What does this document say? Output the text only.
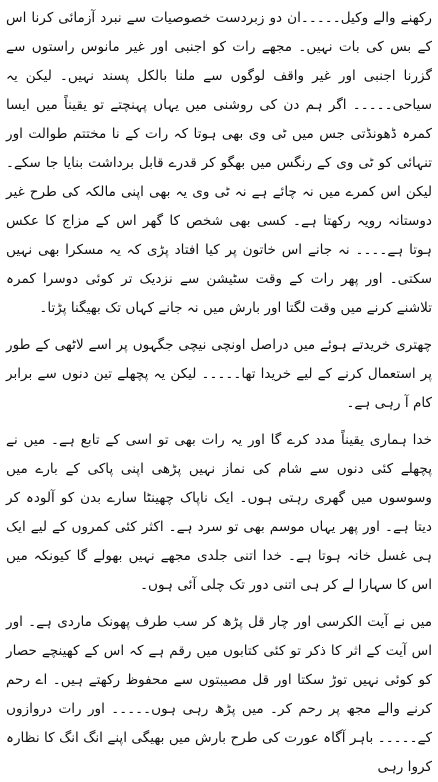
رکھنے والے وکیل۔۔۔۔۔ان دو زبردست خصوصیات سے نبرد آزمائی کرنا اس کے بس کی بات نہیں۔ مجھے رات کو اجنبی اور غیر مانوس راستوں سے گزرنا اجنبی اور غیر واقف لوگوں سے ملنا بالکل پسند نہیں۔ لیکن یہ سیاحی۔۔۔۔۔ اگر ہم دن کی روشنی میں یہاں پہنچتے تو یقیناً میں ایسا کمرہ ڈھونڈتی جس میں ٹی وی بھی ہوتا کہ رات کے نا مختتم طوالت اور تنہائی کو ٹی وی کے رنگس میں بھگو کر قدرے قابل برداشت بنایا جا سکے۔ لیکن اس کمرے میں نہ چائے ہے نہ ٹی وی یہ بھی اپنی مالکہ کی طرح غیر دوستانہ رویہ رکھتا ہے۔ کسی بھی شخص کا گھر اس کے مزاج کا عکس ہوتا ہے۔۔۔۔ نہ جانے اس خاتون پر کیا افتاد پڑی کہ یہ مسکرا بھی نہیں سکتی۔ اور پھر رات کے وقت سٹیشن سے نزدیک تر کوئی دوسرا کمرہ تلاشنے کرنے میں وقت لگتا اور بارش میں نہ جانے کہاں تک بھیگنا پڑتا۔

چھتری خریدتے ہوئے میں دراصل اونچی نیچی جگہوں پر اسے لاٹھی کے طور پر استعمال کرنے کے لیے خریدا تھا۔۔۔۔۔ لیکن یہ پچھلے تین دنوں سے برابر کام آ رہی ہے۔

خدا ہماری یقیناً مدد کرے گا اور یہ رات بھی تو اسی کے تابع ہے۔ میں نے پچھلے کئی دنوں سے شام کی نماز نہیں پڑھی اپنی پاکی کے بارے میں وسوسوں میں گھری رہتی ہوں۔ ایک ناپاک چھینٹا سارے بدن کو آلودہ کر دیتا ہے۔ اور پھر یہاں موسم بھی تو سرد ہے۔ اکثر کئی کمروں کے لیے ایک ہی غسل خانہ ہوتا ہے۔ خدا اتنی جلدی مجھے نہیں بھولے گا کیونکہ میں اس کا سہارا لے کر ہی اتنی دور تک چلی آئی ہوں۔

میں نے آیت الکرسی اور چار قل پڑھ کر سب طرف پھونک ماردی ہے۔ اور اس آیت کے اثر کا ذکر تو کئی کتابوں میں رقم ہے کہ اس کے کھینچے حصار کو کوئی نہیں توڑ سکتا اور قل مصیبتوں سے محفوظ رکھتے ہیں۔ اے رحم کرنے والے مجھ پر رحم کر۔ میں پڑھ رہی ہوں۔۔۔۔۔ اور رات دروازوں کے۔۔۔۔۔ باہر آگاہ عورت کی طرح بارش میں بھیگی اپنے انگ انگ کا نظارہ کروا رہی
